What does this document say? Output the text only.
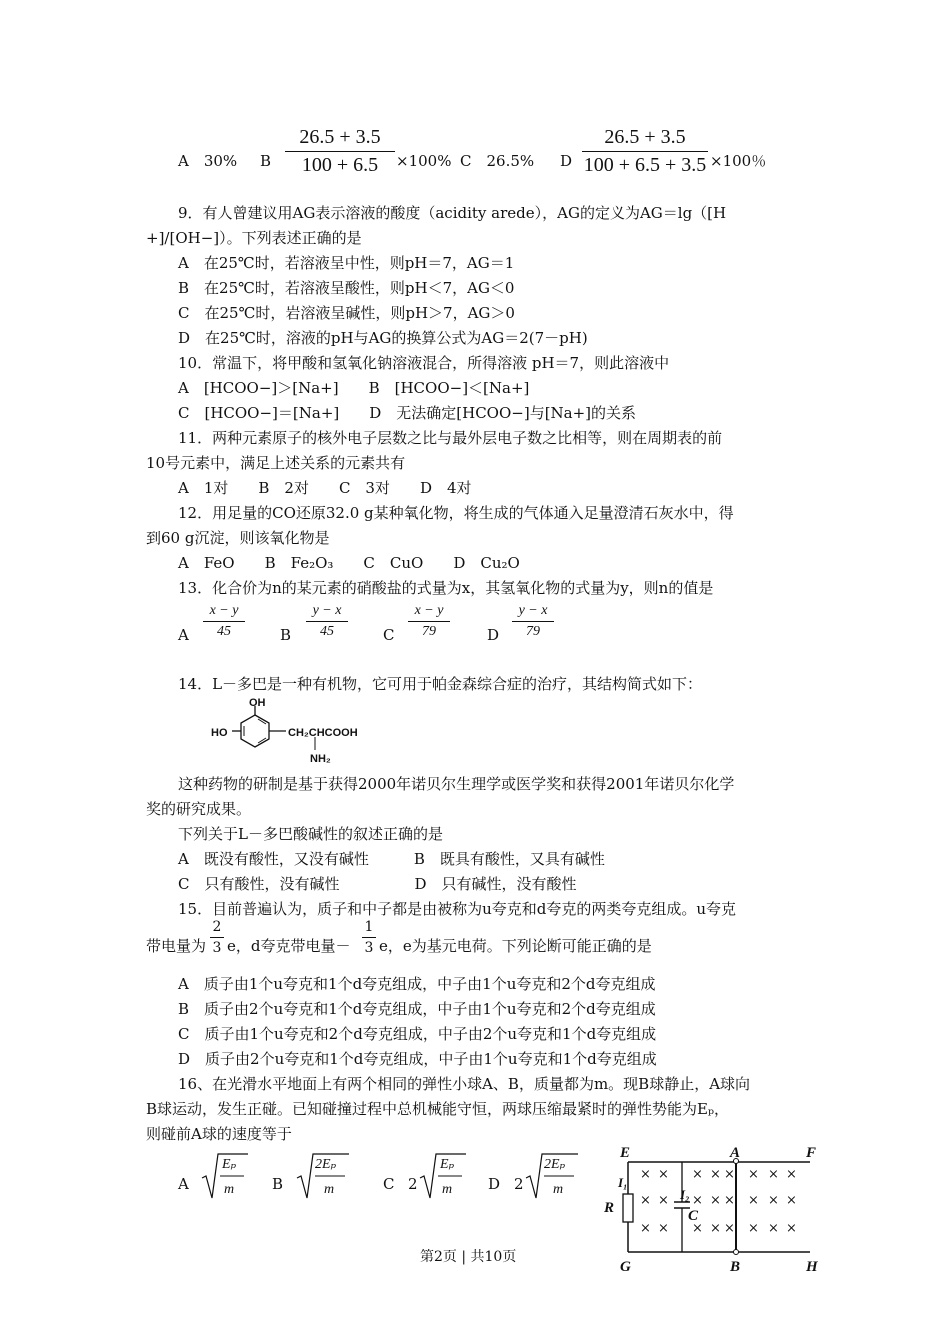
A　30% B
26.5 + 3.5
100 + 6.5	×100% C　26.5% D
26.5 + 3.5
100 + 6.5 + 3.5 ×100％
9．有人曾建议用AG表示溶液的酸度（acidity arede），AG的定义为AG＝lg（[H
+]/[OH−]）。下列表述正确的是
A　在25℃时，若溶液呈中性，则pH＝7，AG＝1
B　在25℃时，若溶液呈酸性，则pH＜7，AG＜0
C　在25℃时，岩溶液呈碱性，则pH＞7，AG＞0
D　在25℃时，溶液的pH与AG的换算公式为AG＝2(7－pH)
10．常温下，将甲酸和氢氧化钠溶液混合，所得溶液 pH＝7，则此溶液中
A　[HCOO−]＞[Na+]　　B　[HCOO−]＜[Na+]
C　[HCOO−]＝[Na+]　　D　无法确定[HCOO−]与[Na+]的关系
11．两种元素原子的核外电子层数之比与最外层电子数之比相等，则在周期表的前
10号元素中，满足上述关系的元素共有
A　1对　　B　2对　　C　3对　　D　4对
12．用足量的CO还原32.0 g某种氧化物，将生成的气体通入足量澄清石灰水中，得
到60 g沉淀，则该氧化物是
A　FeO　　B　Fe₂O₃　　C　CuO　　D　Cu₂O
13．化合价为n的某元素的硝酸盐的式量为x，其氢氧化物的式量为y，则n的值是
A
x − y
45	B
y − x
45	C
x − y
79	D
y − x
79
14．L－多巴是一种有机物，它可用于帕金森综合症的治疗，其结构简式如下：
OH
HO	CH₂CHCOOH
NH₂
这种药物的研制是基于获得2000年诺贝尔生理学或医学奖和获得2001年诺贝尔化学
奖的研究成果。
下列关于L－多巴酸碱性的叙述正确的是
A　既没有酸性，又没有碱性　　　B　既具有酸性，又具有碱性
C　只有酸性，没有碱性　　　　　D　只有碱性，没有酸性
15．目前普遍认为，质子和中子都是由被称为u夸克和d夸克的两类夸克组成。u夸克
带电量为
2
3 e，d夸克带电量－
1
3 e，e为基元电荷。下列论断可能正确的是
A　质子由1个u夸克和1个d夸克组成，中子由1个u夸克和2个d夸克组成
B　质子由2个u夸克和1个d夸克组成，中子由1个u夸克和2个d夸克组成
C　质子由1个u夸克和2个d夸克组成，中子由2个u夸克和1个d夸克组成
D　质子由2个u夸克和1个d夸克组成，中子由1个u夸克和1个d夸克组成
16、在光滑水平地面上有两个相同的弹性小球A、B，质量都为m。现B球静止，A球向
B球运动，发生正碰。已知碰撞过程中总机械能守恒，两球压缩最紧时的弹性势能为Eₚ，
则碰前A球的速度等于
A
Eₚ
m	B
2Eₚ
m	C 2
Eₚ
m D 2
2Eₚ
m
E	A	F
I₁
R
I₂
C
G	B	H
× × × × × × × ×
× × × × × × × ×
× × × × × × × ×
第2页 | 共10页
